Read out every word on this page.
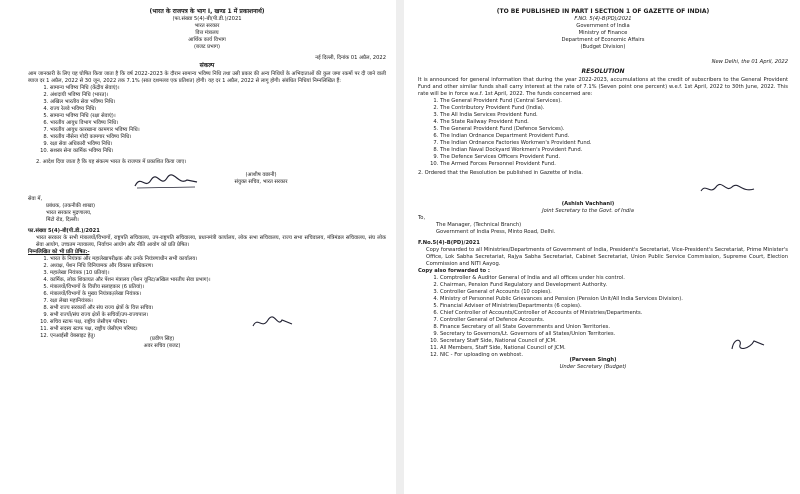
(भारत के राजपत्र के भाग I, खण्ड 1 में प्रकाशनार्थ)
(फा.संख्या 5(4)-बी(पी.डी.)/2021
भारत सरकार
वित्त मंत्रालय
आर्थिक कार्य विभाग
(बजट प्रभाग)
नई दिल्ली, दिनांक 01 अप्रैल, 2022
संकल्प

आम जानकारी के लिए यह घोषित किया जाता है कि वर्ष 2022-2023 के दौरान सामान्य भविष्य निधि तथा उसी प्रकार की अन्य निधियों के अभिदाताओं की कुल जमा रकमों पर दी जाने वाली ब्याज दर 1 अप्रैल, 2022 से 30 जून, 2022 तक 7.1% (सात दशमलव एक प्रतिशत) होगी। यह दर 1 अप्रैल, 2022 से लागू होगी। संबंधित निधियां निम्नलिखित हैं:

1. सामान्य भविष्य निधि (केंद्रीय सेवाएं)।
2. अंशदायी भविष्य निधि (भारत)।
3. अखिल भारतीय सेवा भविष्य निधि।
4. राज्य रेलवे भविष्य निधि।
5. सामान्य भविष्य निधि (रक्षा सेवाएं)।
6. भारतीय आयुध विभाग भविष्य निधि।
7. भारतीय आयुध कारखाना कामगार भविष्य निधि।
8. भारतीय नौसेना गोदी कामगार भविष्य निधि।
9. रक्षा सेवा अधिकारी भविष्य निधि।
10. सशस्त्र सेना कार्मिक भविष्य निधि।
2. आदेश दिया जाता है कि यह संकल्प भारत के राजपत्र में प्रकाशित किया जाए।

(आशीष वछानी)
संयुक्त सचिव, भारत सरकार
सेवा में,
प्रबंधक, (तकनीकी शाखा)
भारत सरकार मुद्रणालय,
मिंटो रोड, दिल्ली।
फा.संख्या 5(4)-बी(पी.डी.)/2021

भारत सरकार के सभी मंत्रालयों/विभागों, राष्ट्रपति सचिवालय, उप-राष्ट्रपति सचिवालय, प्रधानमंत्री कार्यालय, लोक सभा सचिवालय, राज्य सभा सचिवालय, मंत्रिमंडल सचिवालय, संघ लोक सेवा आयोग, उच्चतम न्यायालय, निर्वाचन आयोग और नीति आयोग को प्रति प्रेषित।

निम्नलिखित को भी प्रति प्रेषित:-
1. भारत के नियंत्रक और महालेखापरीक्षक और उनके नियंत्रणाधीन सभी कार्यालय।
2. अध्यक्ष, पेंशन निधि विनियामक और विकास प्राधिकरण।
3. महालेखा नियंत्रक (10 प्रतियां)।
4. कार्मिक, लोक शिकायत और पेंशन मंत्रालय (पेंशन यूनिट/अखिल भारतीय सेवा प्रभाग)।
5. मंत्रालयों/विभागों के वित्तीय सलाहकार (6 प्रतियां)।
6. मंत्रालयों/विभागों के मुख्य नियंत्रक/लेखा नियंत्रक।
7. रक्षा लेखा महानियंत्रक।
8. सभी राज्य सरकारों और संघ राज्य क्षेत्रों के वित्त सचिव।
9. सभी राज्यों/संघ राज्य क्षेत्रों के सचिवों/उप-राज्यपाल।
10. सचिव स्टाफ पक्ष, राष्ट्रीय जेसीएम परिषद।
11. सभी सदस्य स्टाफ पक्ष, राष्ट्रीय जेसीएम परिषद।
12. एनआईसी वेबसाइट हेतु।	(प्रवीण सिंह)
अवर सचिव (बजट)
(TO BE PUBLISHED IN PART I SECTION 1 OF GAZETTE OF INDIA)
F.NO. 5(4)-B(PD)/2021
Government of India
Ministry of Finance
Department of Economic Affairs
(Budget Division)
New Delhi, the 01 April, 2022
RESOLUTION

It is announced for general information that during the year 2022-2023, accumulations at the credit of subscribers to the General Provident Fund and other similar funds shall carry interest at the rate of 7.1% (Seven point one percent) w.e.f. 1st April, 2022 to 30th June, 2022. This rate will be in force w.e.f. 1st April, 2022. The funds concerned are:

1. The General Provident Fund (Central Services).
2. The Contributory Provident Fund (India).
3. The All India Services Provident Fund.
4. The State Railway Provident Fund.
5. The General Provident Fund (Defence Services).
6. The Indian Ordnance Department Provident Fund.
7. The Indian Ordnance Factories Workmen's Provident Fund.
8. The Indian Naval Dockyard Workmen's Provident Fund.
9. The Defence Services Officers Provident Fund.
10. The Armed Forces Personnel Provident Fund.
2. Ordered that the Resolution be published in Gazette of India.
(Ashish Vachhani)
Joint Secretary to the Govt. of India
To,
The Manager, (Technical Branch)
Government of India Press, Minto Road, Delhi.
F.No.5(4)-B(PD)/2021

Copy forwarded to all Ministries/Departments of Government of India, President's Secretariat, Vice-President's Secretariat, Prime Minister's Office, Lok Sabha Secretariat, Rajya Sabha Secretariat, Cabinet Secretariat, Union Public Service Commission, Supreme Court, Election Commission and NITI Aayog.

Copy also forwarded to :
1. Comptroller & Auditor General of India and all offices under his control.
2. Chairman, Pension Fund Regulatory and Development Authority.
3. Controller General of Accounts (10 copies).
4. Ministry of Personnel Public Grievances and Pension (Pension Unit/All India Services Division).
5. Financial Adviser of Ministries/Departments (6 copies).
6. Chief Controller of Accounts/Controller of Accounts of Ministries/Departments.
7. Controller General of Defence Accounts.
8. Finance Secretary of all State Governments and Union Territories.
9. Secretary to Governors/Lt. Governors of all States/Union Territories.
10. Secretary Staff Side, National Council of JCM.
11. All Members, Staff Side, National Council of JCM.
12. NIC - For uploading on webhost.
(Parveen Singh)
Under Secretary (Budget)
